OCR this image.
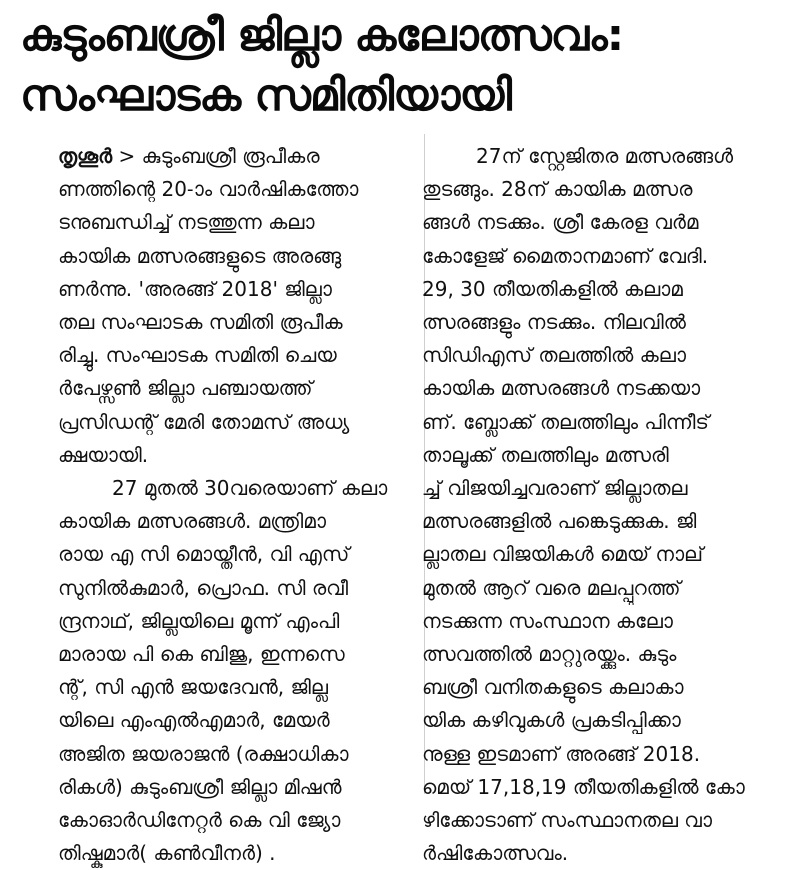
കുടുംബശ്രീ ജില്ലാ കലോത്സവം:
സംഘാടക സമിതിയായി
തൃശൂർ > കുടുംബശ്രീ രൂപീകര
ണത്തിന്റെ 20-ാം വാർഷികത്തോ
ടനുബന്ധിച്ച് നടത്തുന്ന കലാ
കായിക മത്സരങ്ങളുടെ അരങ്ങു
ണർന്നു. 'അരങ്ങ് 2018' ജില്ലാ
തല സംഘാടക സമിതി രൂപീക
രിച്ചു. സംഘാടക സമിതി ചെയ
ർപേഴ്സൺ ജില്ലാ പഞ്ചായത്ത്
പ്രസിഡന്റ് മേരി തോമസ് അധ്യ
ക്ഷയായി.
27 മുതൽ 30വരെയാണ് കലാ
കായിക മത്സരങ്ങൾ. മന്ത്രിമാ
രായ എ സി മൊയ്തീൻ, വി എസ്
സുനിൽകുമാർ, പ്രൊഫ. സി രവീ
ന്ദ്രനാഥ്, ജില്ലയിലെ മൂന്ന് എംപി
മാരായ പി കെ ബിജു, ഇന്നസെ
ന്റ്, സി എൻ ജയദേവൻ, ജില്ല
യിലെ എംഎൽഎമാർ, മേയർ
അജിത ജയരാജൻ (രക്ഷാധികാ
രികൾ) കുടുംബശ്രീ ജില്ലാ മിഷൻ
കോഓർഡിനേറ്റർ കെ വി ജ്യോ
തിഷ്കുമാർ( കൺവീനർ) .
27ന് സ്റ്റേജിതര മത്സരങ്ങൾ
തുടങ്ങും. 28ന് കായിക മത്സര
ങ്ങൾ നടക്കും. ശ്രീ കേരള വർമ
കോളേജ് മൈതാനമാണ് വേദി.
29, 30 തീയതികളിൽ കലാമ
ത്സരങ്ങളും നടക്കും. നിലവിൽ
സിഡിഎസ് തലത്തിൽ കലാ
കായിക മത്സരങ്ങൾ നടക്കയാ
ണ്. ബ്ലോക്ക് തലത്തിലും പിന്നീട്
താലൂക്ക് തലത്തിലും മത്സരി
ച്ച് വിജയിച്ചവരാണ് ജില്ലാതല
മത്സരങ്ങളിൽ പങ്കെടുക്കുക. ജി
ല്ലാതല വിജയികൾ മെയ് നാല്
മുതൽ ആറ് വരെ മലപ്പുറത്ത്
നടക്കുന്ന സംസ്ഥാന കലോ
ത്സവത്തിൽ മാറ്റുരയ്ക്കും. കുടും
ബശ്രീ വനിതകളുടെ കലാകാ
യിക കഴിവുകൾ പ്രകടിപ്പിക്കാ
നുള്ള ഇടമാണ് അരങ്ങ് 2018.
മെയ് 17,18,19 തീയതികളിൽ കോ
ഴിക്കോടാണ് സംസ്ഥാനതല വാ
ർഷികോത്സവം.
